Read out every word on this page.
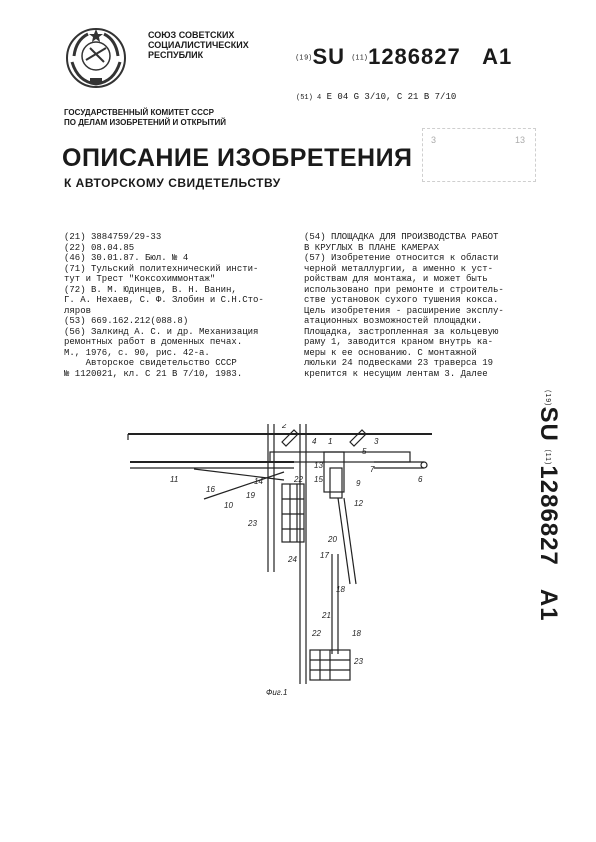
СОЮЗ СОВЕТСКИХ
СОЦИАЛИСТИЧЕСКИХ
РЕСПУБЛИК	(19)SU (11)1286827 A1
(51) 4 E 04 G 3/10, C 21 B 7/10
ГОСУДАРСТВЕННЫЙ КОМИТЕТ СССР
ПО ДЕЛАМ ИЗОБРЕТЕНИЙ И ОТКРЫТИЙ
3	13
ОПИСАНИЕ ИЗОБРЕТЕНИЯ
К АВТОРСКОМУ СВИДЕТЕЛЬСТВУ
(21) 3884759/29-33
(22) 08.04.85
(46) 30.01.87. Бюл. № 4
(71) Тульский политехнический инсти-
тут и Трест "Коксохиммонтаж"
(72) В. М. Юдинцев, В. Н. Ванин,
Г. А. Нехаев, С. Ф. Злобин и С.Н.Сто-
ляров
(53) 669.162.212(088.8)
(56) Залкинд А. С. и др. Механизация
ремонтных работ в доменных печах.
М., 1976, с. 90, рис. 42-а.
Авторское свидетельство СССР
№ 1120021, кл. С 21 В 7/10, 1983.
(54) ПЛОЩАДКА ДЛЯ ПРОИЗВОДСТВА РАБОТ
В КРУГЛЫХ В ПЛАНЕ КАМЕРАХ
(57) Изобретение относится к области
черной металлургии, а именно к уст-
ройствам для монтажа, и может быть
использовано при ремонте и строитель-
стве установок сухого тушения кокса.
Цель изобретения - расширение эксплу-
атационных возможностей площадки.
Площадка, застропленная за кольцевую
раму 1, заводится краном внутрь ка-
меры к ее основанию. С монтажной
люльки 24 подвесками 23 траверса 19
крепится к несущим лентам 3. Далее
(19)SU (11)1286827   A1
2
4 1	3
5
7
6
11
16
10
14
19
22
13
15	9
12
23
24
20
17
18
21
22	18
23
Фиг.1
